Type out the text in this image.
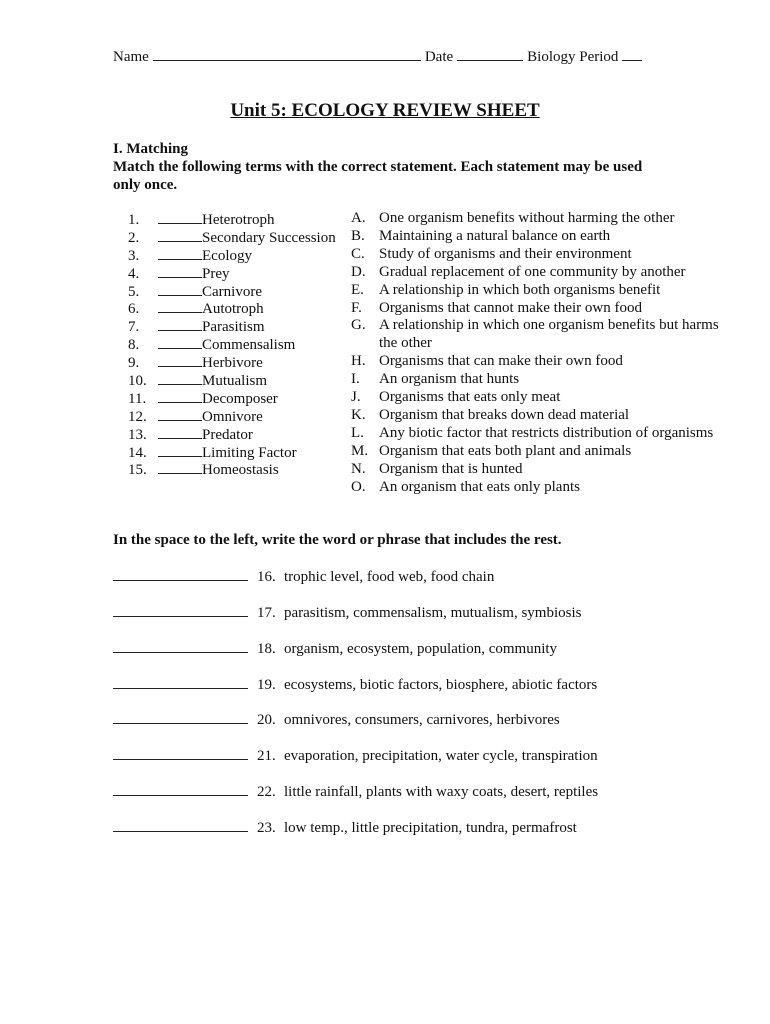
Name	Date	Biology Period
Unit 5: ECOLOGY REVIEW SHEET
I. Matching
Match the following terms with the correct statement. Each statement may be used only once.
1.	Heterotroph
2.	Secondary Succession
3.	Ecology
4.	Prey
5.	Carnivore
6.	Autotroph
7.	Parasitism
8.	Commensalism
9.	Herbivore
10.	Mutualism
11.	Decomposer
12.	Omnivore
13.	Predator
14.	Limiting Factor
15.	Homeostasis
A. One organism benefits without harming the other
B. Maintaining a natural balance on earth
C. Study of organisms and their environment
D. Gradual replacement of one community by another
E.	A relationship in which both organisms benefit
F.	Organisms that cannot make their own food
G. A relationship in which one organism benefits but harms the other
H. Organisms that can make their own food
I.	An organism that hunts
J.	Organisms that eats only meat
K. Organism that breaks down dead material
L.	Any biotic factor that restricts distribution of organisms
M. Organism that eats both plant and animals
N. Organism that is hunted
O. An organism that eats only plants
In the space to the left, write the word or phrase that includes the rest.
16. trophic level, food web, food chain
17. parasitism, commensalism, mutualism, symbiosis
18. organism, ecosystem, population, community
19. ecosystems, biotic factors, biosphere, abiotic factors
20. omnivores, consumers, carnivores, herbivores
21. evaporation, precipitation, water cycle, transpiration
22. little rainfall, plants with waxy coats, desert, reptiles
23. low temp., little precipitation, tundra, permafrost
